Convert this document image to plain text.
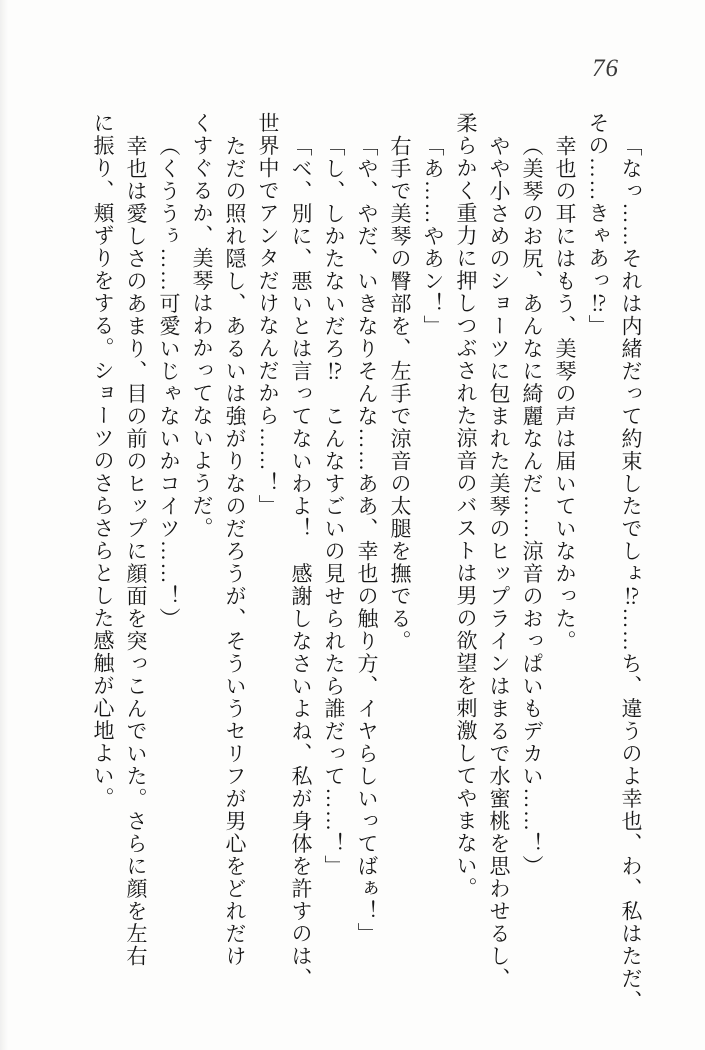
76
「なっ……それは内緒だって約束したでしょ⁉……ち、違うのよ幸也、わ、私はただ、
その……きゃあっ⁉」
幸也の耳にはもう、美琴の声は届いていなかった。
（美琴のお尻、あんなに綺麗なんだ……涼音のおっぱいもデカい……！）
やや小さめのショーツに包まれた美琴のヒップラインはまるで水蜜桃を思わせるし、
柔らかく重力に押しつぶされた涼音のバストは男の欲望を刺激してやまない。
「あ……やあン！」
右手で美琴の臀部を、左手で涼音の太腿を撫でる。
「や、やだ、いきなりそんな……ああ、幸也の触り方、イヤらしいってばぁ！」
「し、しかたないだろ⁉　こんなすごいの見せられたら誰だって……！」
「ベ、別に、悪いとは言ってないわよ！　感謝しなさいよね、私が身体を許すのは、
世界中でアンタだけなんだから……！」
ただの照れ隠し、あるいは強がりなのだろうが、そういうセリフが男心をどれだけ
くすぐるか、美琴はわかってないようだ。
（くううぅ……可愛いじゃないかコイツ……！）
幸也は愛しさのあまり、目の前のヒップに顔面を突っこんでいた。さらに顔を左右
に振り、頬ずりをする。ショーツのさらさらとした感触が心地よい。
